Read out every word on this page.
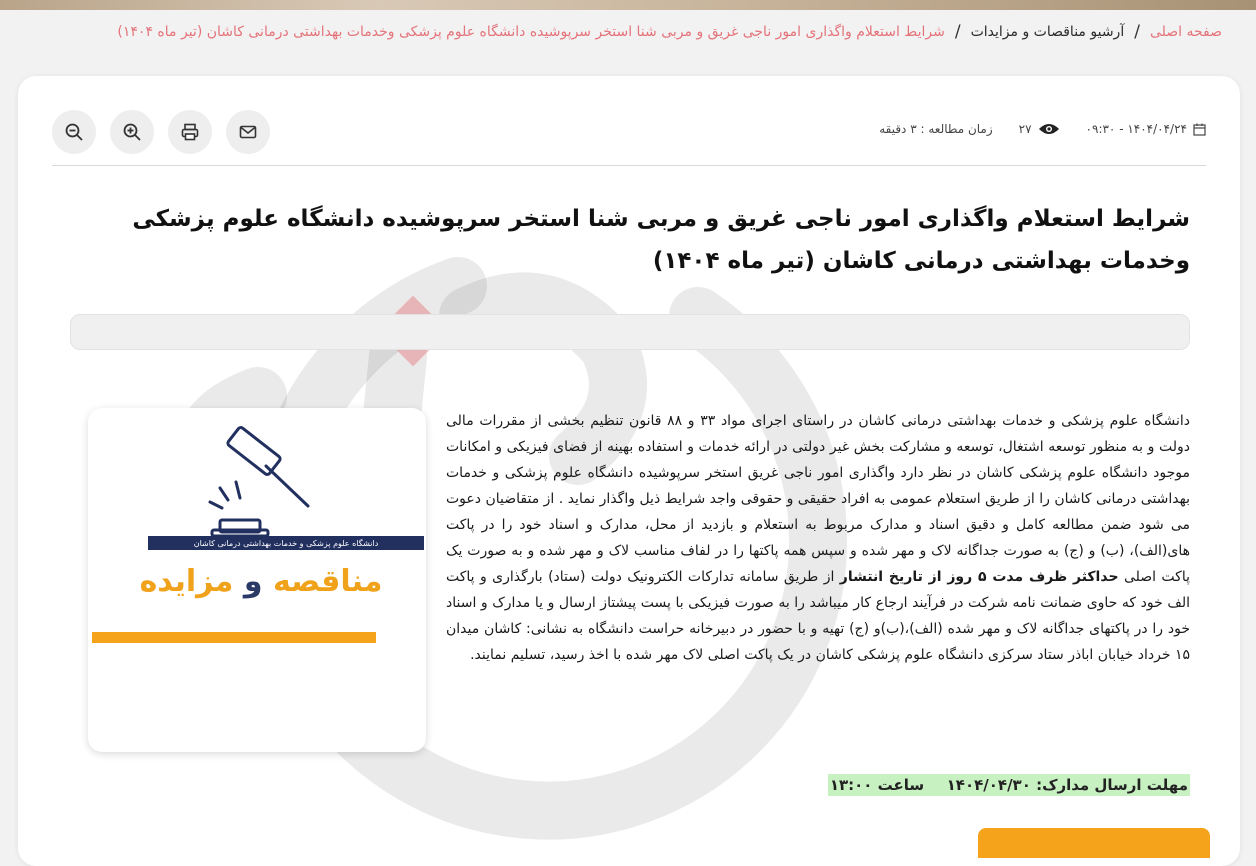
صفحه اصلی
/
آرشیو مناقصات و مزایدات
/
شرایط استعلام واگذاری امور ناجی غریق و مربی شنا استخر سرپوشیده دانشگاه علوم پزشکی وخدمات بهداشتی درمانی کاشان (تیر ماه ۱۴۰۴)
۱۴۰۴/۰۴/۲۴ - ۰۹:۳۰
۲۷
زمان مطالعه : ۳ دقیقه
شرایط استعلام واگذاری امور ناجی غریق و مربی شنا استخر سرپوشیده دانشگاه علوم پزشکی وخدمات بهداشتی درمانی کاشان (تیر ماه ۱۴۰۴)
دانشگاه علوم پزشکی و خدمات بهداشتی درمانی کاشان
مناقصه و مزایده
دانشگاه علوم پزشکی و خدمات بهداشتی درمانی کاشان در راستای اجرای مواد ۳۳ و ۸۸ قانون تنظیم بخشی از مقررات مالی دولت و به منظور توسعه اشتغال، توسعه و مشارکت بخش غیر دولتی در ارائه خدمات و استفاده بهینه از فضای فیزیکی و امکانات موجود دانشگاه علوم پزشکی کاشان در نظر دارد واگذاری امور ناجی غریق استخر سرپوشیده دانشگاه علوم پزشکی و خدمات بهداشتی درمانی کاشان را از طریق استعلام عمومی به افراد حقیقی و حقوقی واجد شرایط ذیل واگذار نماید . از متقاضیان دعوت می شود ضمن مطالعه کامل و دقیق اسناد و مدارک مربوط به استعلام و بازدید از محل، مدارک و اسناد خود را در پاکت های(الف)، (ب) و (ج) به صورت جداگانه لاک و مهر شده و سپس همه پاکتها را در لفاف مناسب لاک و مهر شده و به صورت یک پاکت اصلی حداکثر ظرف مدت ۵ روز از تاریخ انتشار از طریق سامانه تدارکات الکترونیک دولت (ستاد) بارگذاری و پاکت الف خود که حاوی ضمانت نامه شرکت در فرآیند ارجاع کار میباشد را به صورت فیزیکی با پست پیشتاز ارسال و یا مدارک و اسناد خود را در پاکتهای جداگانه لاک و مهر شده (الف)،(ب)و (ج) تهیه و با حضور در دبیرخانه حراست دانشگاه به نشانی: کاشان میدان ۱۵ خرداد خیابان اباذر ستاد سرکزی دانشگاه علوم پزشکی کاشان در یک پاکت اصلی لاک مهر شده با اخذ رسید، تسلیم نمایند.
مهلت ارسال مدارک: ۱۴۰۴/۰۴/۳۰  ساعت ۱۳:۰۰
